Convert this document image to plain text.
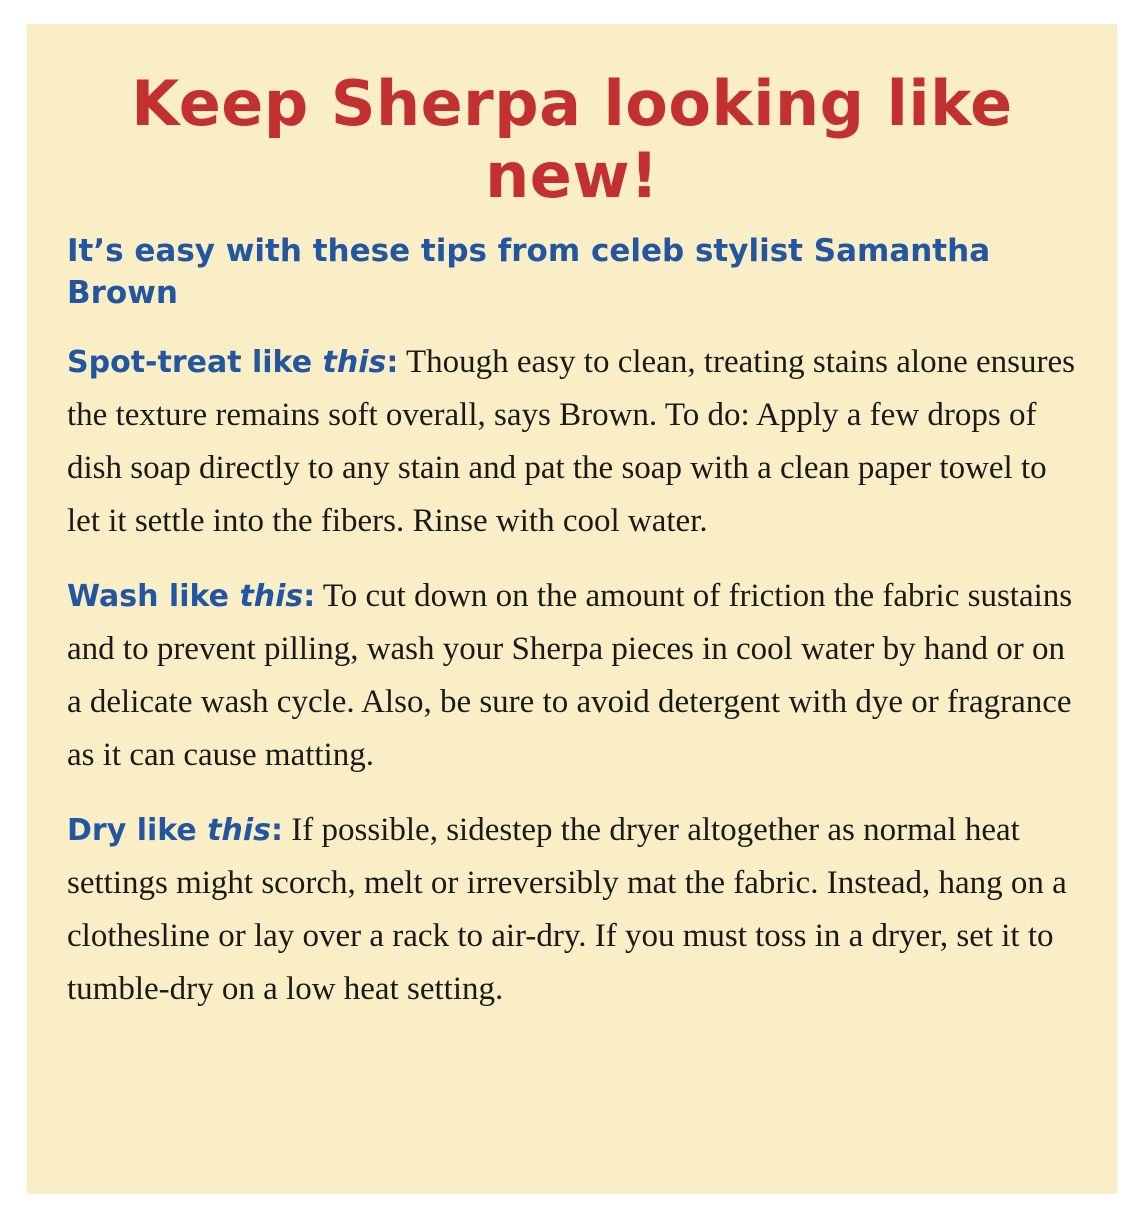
Keep Sherpa looking like new!
It’s easy with these tips from celeb stylist Samantha Brown

Spot-treat like this: Though easy to clean, treating stains alone ensures the texture remains soft overall, says Brown. To do: Apply a few drops of dish soap directly to any stain and pat the soap with a clean paper towel to let it settle into the fibers. Rinse with cool water.

Wash like this: To cut down on the amount of friction the fabric sustains and to prevent pilling, wash your Sherpa pieces in cool water by hand or on a delicate wash cycle. Also, be sure to avoid detergent with dye or fragrance as it can cause matting.

Dry like this: If possible, sidestep the dryer altogether as normal heat settings might scorch, melt or irreversibly mat the fabric. Instead, hang on a clothesline or lay over a rack to air-dry. If you must toss in a dryer, set it to tumble-dry on a low heat setting.
